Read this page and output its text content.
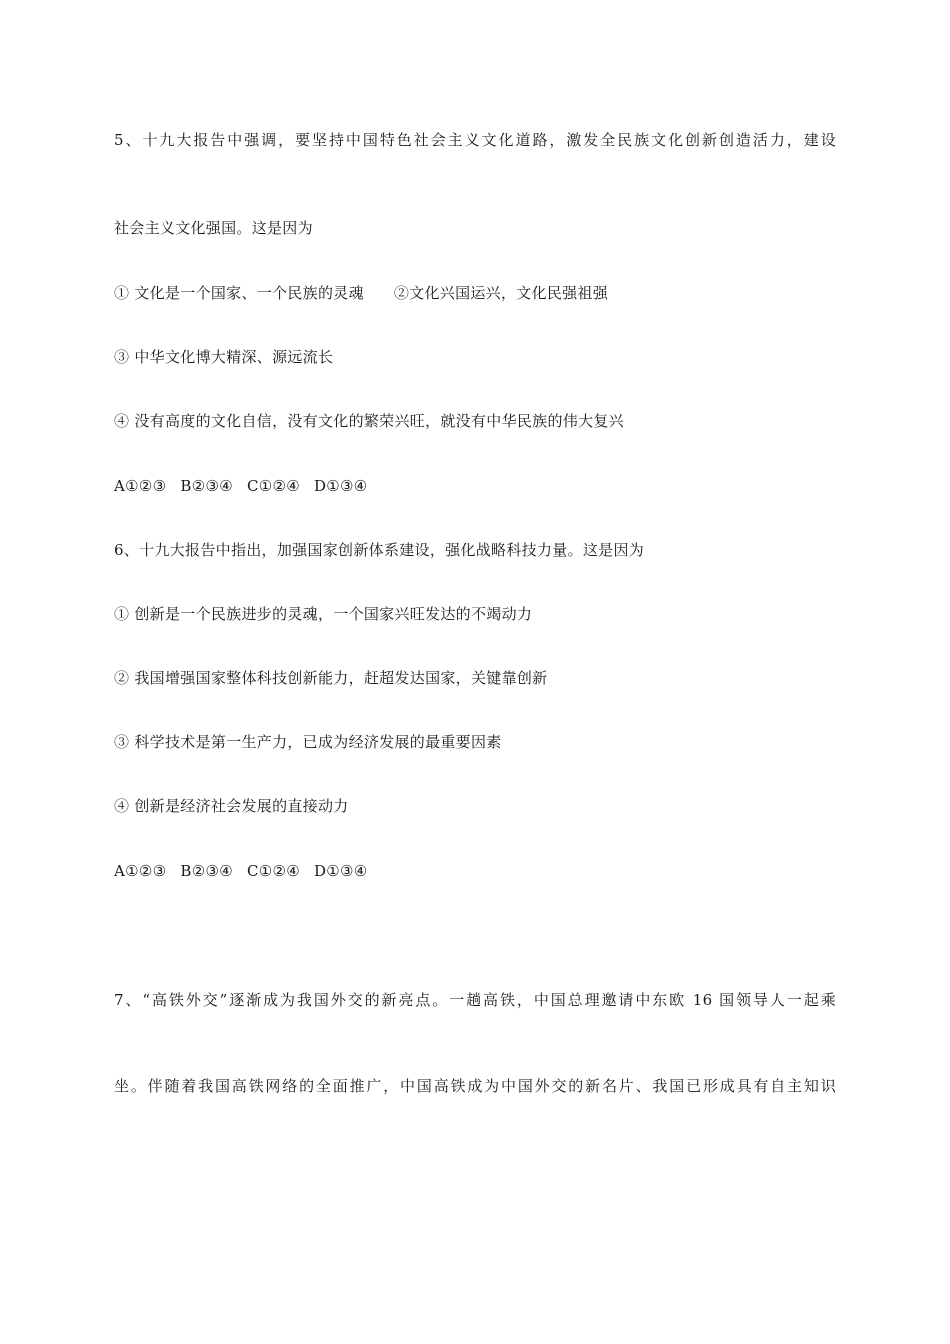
5、十九大报告中强调，要坚持中国特色社会主义文化道路，激发全民族文化创新创造活力，建设
社会主义文化强国。这是因为
① 文化是一个国家、一个民族的灵魂 ②文化兴国运兴，文化民强祖强
③ 中华文化博大精深、源远流长
④ 没有高度的文化自信，没有文化的繁荣兴旺，就没有中华民族的伟大复兴
A①②③ B②③④ C①②④ D①③④
6、十九大报告中指出，加强国家创新体系建设，强化战略科技力量。这是因为
① 创新是一个民族进步的灵魂，一个国家兴旺发达的不竭动力
② 我国增强国家整体科技创新能力，赶超发达国家，关键靠创新
③ 科学技术是第一生产力，已成为经济发展的最重要因素
④ 创新是经济社会发展的直接动力
A①②③ B②③④ C①②④ D①③④
7、“高铁外交”逐渐成为我国外交的新亮点。一趟高铁，中国总理邀请中东欧 16 国领导人一起乘
坐。伴随着我国高铁网络的全面推广，中国高铁成为中国外交的新名片、我国已形成具有自主知识
